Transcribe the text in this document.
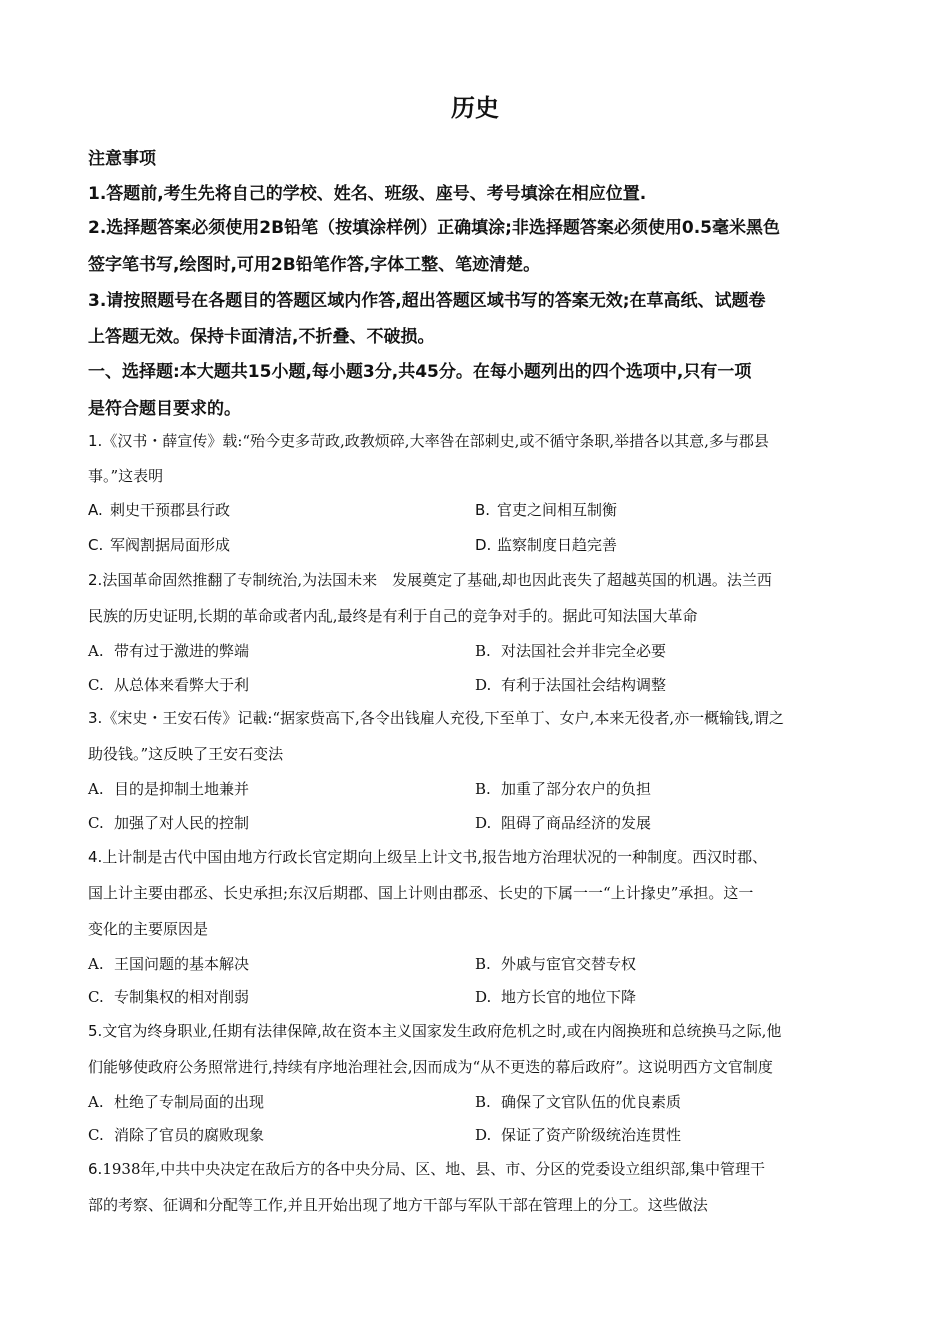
历史
注意事项
1.答题前,考生先将自己的学校、姓名、班级、座号、考号填涂在相应位置.
2.选择题答案必须使用2B铅笔（按填涂样例）正确填涂;非选择题答案必须使用0.5毫米黑色
签字笔书写,绘图时,可用2B铅笔作答,字体工整、笔迹清楚。
3.请按照题号在各题目的答题区域内作答,超出答题区域书写的答案无效;在草高纸、试题卷
上答题无效。保持卡面清洁,不折叠、不破损。
一、选择题:本大题共15小题,每小题3分,共45分。在每小题列出的四个选项中,只有一项
是符合题目要求的。
1.《汉书・薛宣传》载:“殆今吏多苛政,政教烦碎,大率咎在部刺史,或不循守条职,举措各以其意,多与郡县
事。”这表明
A. 刺史干预郡县行政	B. 官吏之间相互制衡
C. 军阀割据局面形成	D. 监察制度日趋完善
2.法国革命固然推翻了专制统治,为法国未来　发展奠定了基础,却也因此丧失了超越英国的机遇。法兰西
民族的历史证明,长期的革命或者内乱,最终是有利于自己的竞争对手的。据此可知法国大革命
A. 带有过于激进的弊端	B. 对法国社会并非完全必要
C. 从总体来看弊大于利	D. 有利于法国社会结构调整
3.《宋史・王安石传》记載:“据家赀高下,各令出钱雇人充役,下至单丁、女户,本来无役者,亦一概输钱,谓之
助役钱。”这反映了王安石变法
A. 目的是抑制土地兼并	B. 加重了部分农户的负担
C. 加强了对人民的控制	D. 阻碍了商品经济的发展
4.上计制是古代中国由地方行政长官定期向上级呈上计文书,报告地方治理状况的一种制度。西汉时郡、
国上计主要由郡丞、长史承担;东汉后期郡、国上计则由郡丞、长史的下属一一“上计掾史”承担。这一
变化的主要原因是
A. 王国问题的基本解决	B. 外戚与宦官交替专权
C. 专制集权的相对削弱	D. 地方长官的地位下降
5.文官为终身职业,任期有法律保障,故在资本主义国家发生政府危机之时,或在内阁换班和总统换马之际,他
们能够使政府公务照常进行,持续有序地治理社会,因而成为“从不更迭的幕后政府”。这说明西方文官制度
A. 杜绝了专制局面的出现	B. 确保了文官队伍的优良素质
C. 消除了官员的腐败现象	D. 保证了资产阶级统治连贯性
6.1938年,中共中央决定在敌后方的各中央分局、区、地、县、市、分区的党委设立组织部,集中管理干
部的考察、征调和分配等工作,并且开始出现了地方干部与军队干部在管理上的分工。这些做法
